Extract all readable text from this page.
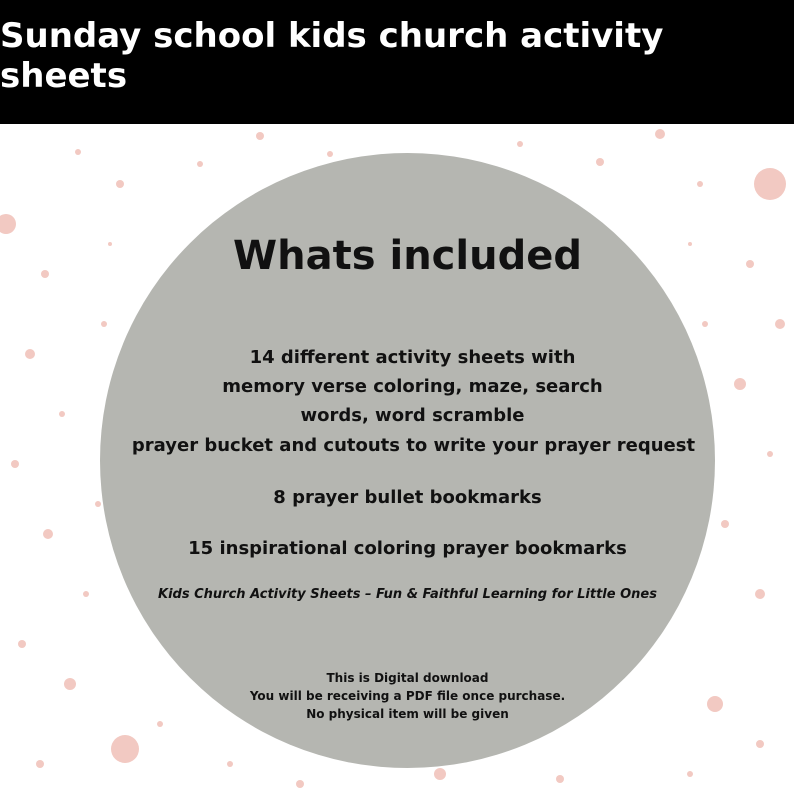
Sunday school kids church activity sheets
Whats included
14 different activity sheets with memory verse coloring, maze, search words, word scramble
prayer bucket and cutouts to write your prayer request
8 prayer bullet bookmarks
15 inspirational coloring prayer bookmarks
Kids Church Activity Sheets – Fun & Faithful Learning for Little Ones
This is Digital download
You will be receiving a PDF file once purchase.
No physical item will be given
